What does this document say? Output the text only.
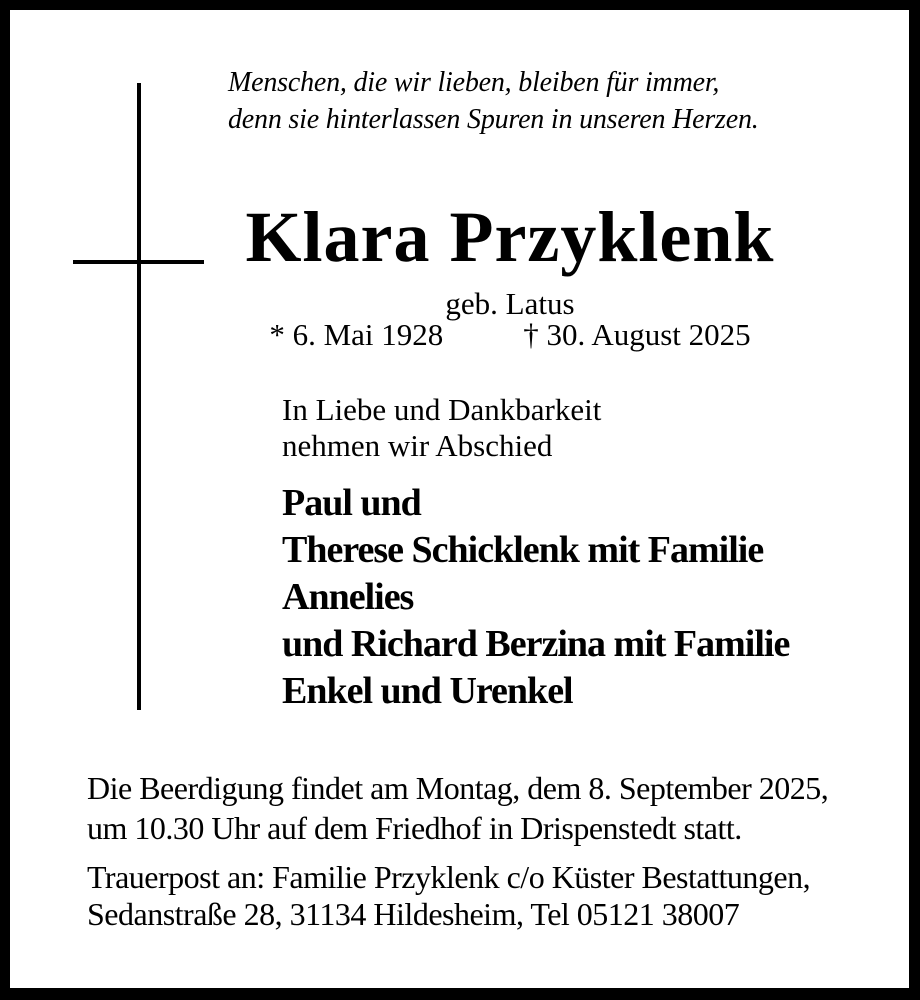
Menschen, die wir lieben, bleiben für immer,
denn sie hinterlassen Spuren in unseren Herzen.
Klara Przyklenk
geb. Latus
* 6. Mai 1928	† 30. August 2025
In Liebe und Dankbarkeit
nehmen wir Abschied
Paul und
Therese Schicklenk mit Familie
Annelies
und Richard Berzina mit Familie
Enkel und Urenkel
Die Beerdigung findet am Montag, dem 8. September 2025,
um 10.30 Uhr auf dem Friedhof in Drispenstedt statt.
Trauerpost an: Familie Przyklenk c/o Küster Bestattungen,
Sedanstraße 28, 31134 Hildesheim, Tel 05121 38007
